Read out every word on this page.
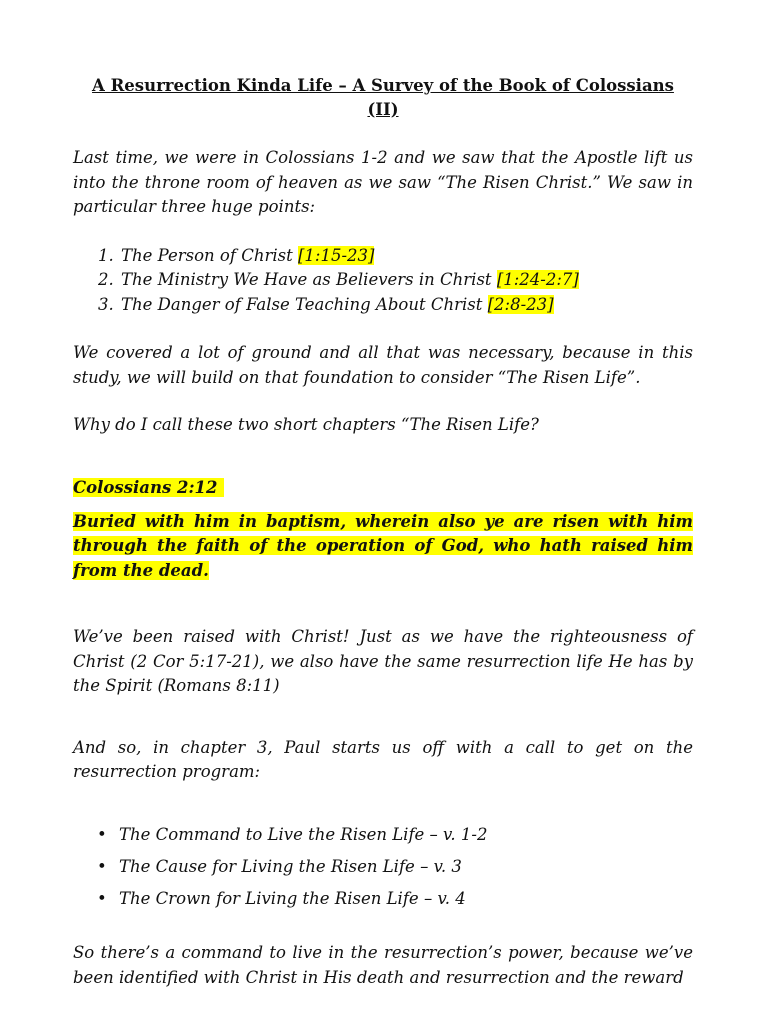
A Resurrection Kinda Life – A Survey of the Book of Colossians
(II)

Last time, we were in Colossians 1-2 and we saw that the Apostle lift us into the throne room of heaven as we saw “The Risen Christ.” We saw in particular three huge points:

1. The Person of Christ [1:15-23]
2. The Ministry We Have as Believers in Christ [1:24-2:7]
3. The Danger of False Teaching About Christ [2:8-23]

We covered a lot of ground and all that was necessary, because in this study, we will build on that foundation to consider “The Risen Life”.

Why do I call these two short chapters “The Risen Life?

Colossians 2:12

Buried with him in baptism, wherein also ye are risen with him through the faith of the operation of God, who hath raised him from the dead.

We’ve been raised with Christ! Just as we have the righteousness of Christ (2 Cor 5:17-21), we also have the same resurrection life He has by the Spirit (Romans 8:11)

And so, in chapter 3, Paul starts us off with a call to get on the resurrection program:

• The Command to Live the Risen Life – v. 1-2
• The Cause for Living the Risen Life – v. 3
• The Crown for Living the Risen Life – v. 4

So there’s a command to live in the resurrection’s power, because we’ve been identified with Christ in His death and resurrection and the reward
